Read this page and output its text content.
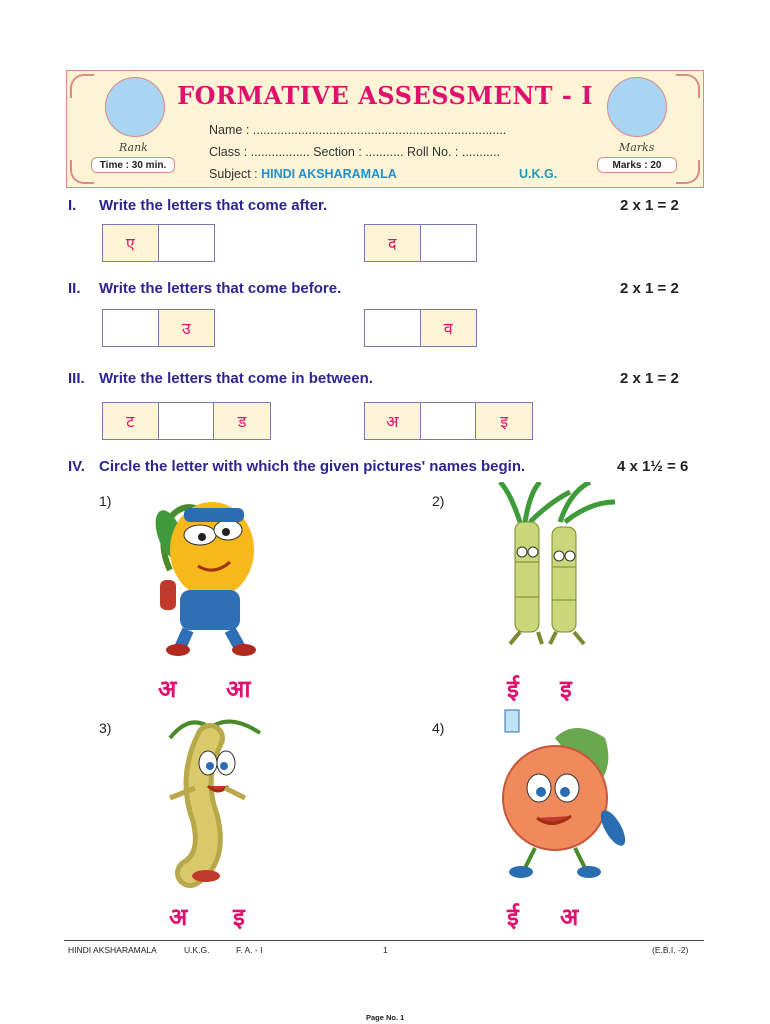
Rank	Marks
Time : 30 min.	Marks : 20
FORMATIVE ASSESSMENT - I
Name : .........................................................................
Class : ................. Section : ........... Roll No. : ...........
Subject : HINDI AKSHARAMALA	U.K.G.
I. Write the letters that come after.	2 x 1 = 2
ए	द
II. Write the letters that come before.	2 x 1 = 2
उ	व
III. Write the letters that come in between.	2 x 1 = 2
ट	ड	अ	इ
IV. Circle the letter with which the given pictures' names begin.	4 x 1½ = 6
1)
अ आ
2)
ई इ
3)
अ इ
4)
ई अ
HINDI AKSHARAMALA	U.K.G.	F. A. - I	1	(E.B.I. -2)
Page No. 1
